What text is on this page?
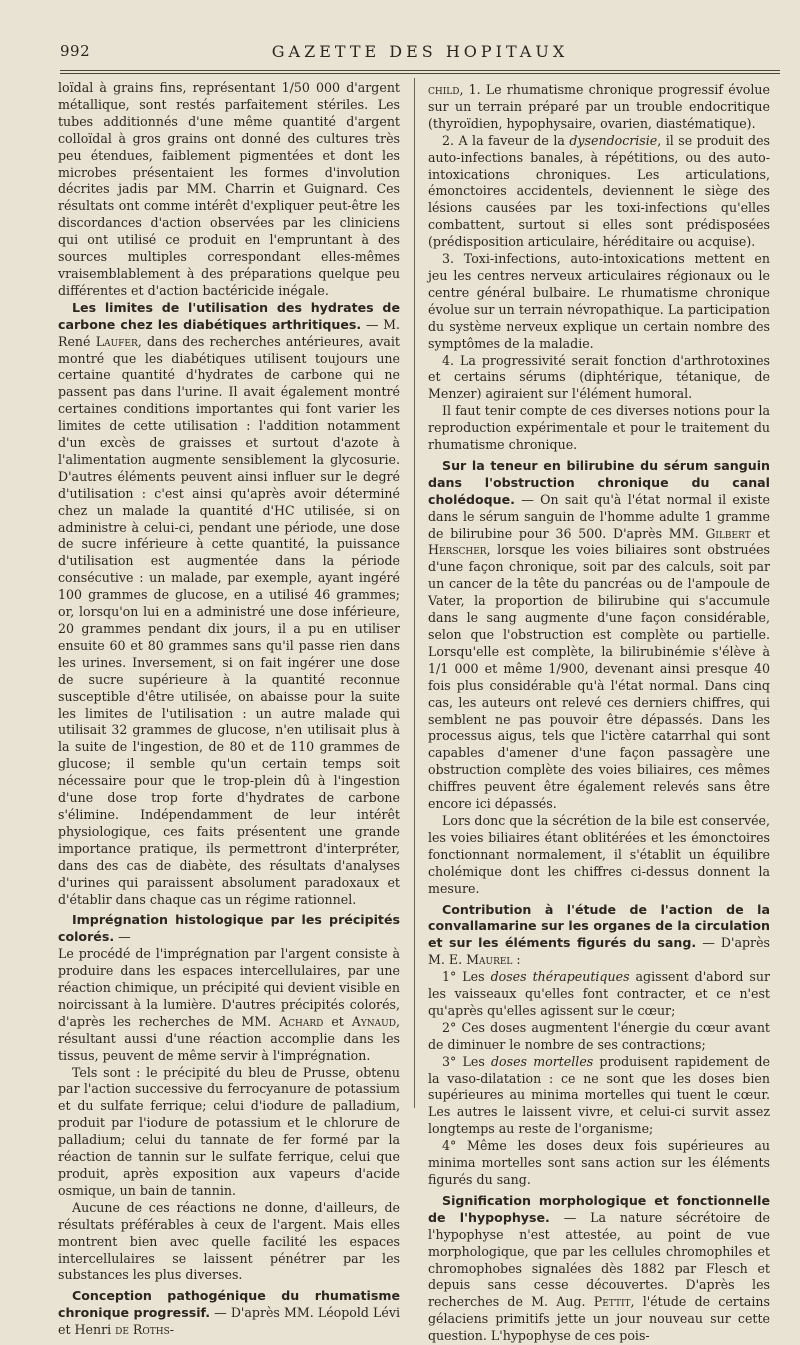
992	GAZETTE DES HOPITAUX

loïdal à grains fins, représentant 1/50 000 d'argent métallique, sont restés parfaitement stériles. Les tubes additionnés d'une même quantité d'argent colloïdal à gros grains ont donné des cultures très peu étendues, faiblement pigmentées et dont les microbes présentaient les formes d'involution décrites jadis par MM. Charrin et Guignard. Ces résultats ont comme intérêt d'expliquer peut-être les discordances d'action observées par les cliniciens qui ont utilisé ce produit en l'empruntant à des sources multiples correspondant elles-mêmes vraisemblablement à des préparations quelque peu différentes et d'action bactéricide inégale.

Les limites de l'utilisation des hydrates de carbone chez les diabétiques arthritiques. — M. René Laufer, dans des recherches antérieures, avait montré que les diabétiques utilisent toujours une certaine quantité d'hydrates de carbone qui ne passent pas dans l'urine. Il avait également montré certaines conditions importantes qui font varier les limites de cette utilisation : l'addition notamment d'un excès de graisses et surtout d'azote à l'alimentation augmente sensiblement la glycosurie. D'autres éléments peuvent ainsi influer sur le degré d'utilisation : c'est ainsi qu'après avoir déterminé chez un malade la quantité d'HC utilisée, si on administre à celui-ci, pendant une période, une dose de sucre inférieure à cette quantité, la puissance d'utilisation est augmentée dans la période consécutive : un malade, par exemple, ayant ingéré 100 grammes de glucose, en a utilisé 46 grammes; or, lorsqu'on lui en a administré une dose inférieure, 20 grammes pendant dix jours, il a pu en utiliser ensuite 60 et 80 grammes sans qu'il passe rien dans les urines. Inversement, si on fait ingérer une dose de sucre supérieure à la quantité reconnue susceptible d'être utilisée, on abaisse pour la suite les limites de l'utilisation : un autre malade qui utilisait 32 grammes de glucose, n'en utilisait plus à la suite de l'ingestion, de 80 et de 110 grammes de glucose; il semble qu'un certain temps soit nécessaire pour que le trop-plein dû à l'ingestion d'une dose trop forte d'hydrates de carbone s'élimine. Indépendamment de leur intérêt physiologique, ces faits présentent une grande importance pratique, ils permettront d'interpréter, dans des cas de diabète, des résultats d'analyses d'urines qui paraissent absolument paradoxaux et d'établir dans chaque cas un régime rationnel.

Imprégnation histologique par les précipités colorés. —

Le procédé de l'imprégnation par l'argent consiste à produire dans les espaces intercellulaires, par une réaction chimique, un précipité qui devient visible en noircissant à la lumière. D'autres précipités colorés, d'après les recherches de MM. Achard et Aynaud, résultant aussi d'une réaction accomplie dans les tissus, peuvent de même servir à l'imprégnation.

Tels sont : le précipité du bleu de Prusse, obtenu par l'action successive du ferrocyanure de potassium et du sulfate ferrique; celui d'iodure de palladium, produit par l'iodure de potassium et le chlorure de palladium; celui du tannate de fer formé par la réaction de tannin sur le sulfate ferrique, celui que produit, après exposition aux vapeurs d'acide osmique, un bain de tannin.

Aucune de ces réactions ne donne, d'ailleurs, de résultats préférables à ceux de l'argent. Mais elles montrent bien avec quelle facilité les espaces intercellulaires se laissent pénétrer par les substances les plus diverses.

Conception pathogénique du rhumatisme chronique progressif. — D'après MM. Léopold Lévi et Henri de Roths-

child, 1. Le rhumatisme chronique progressif évolue sur un terrain préparé par un trouble endocritique (thyroïdien, hypophysaire, ovarien, diastématique).

2. A la faveur de la dysendocrisie, il se produit des auto-infections banales, à répétitions, ou des auto-intoxications chroniques. Les articulations, émonctoires accidentels, deviennent le siège des lésions causées par les toxi-infections qu'elles combattent, surtout si elles sont prédisposées (prédisposition articulaire, héréditaire ou acquise).

3. Toxi-infections, auto-intoxications mettent en jeu les centres nerveux articulaires régionaux ou le centre général bulbaire. Le rhumatisme chronique évolue sur un terrain névropathique. La participation du système nerveux explique un certain nombre des symptômes de la maladie.

4. La progressivité serait fonction d'arthrotoxines et certains sérums (diphtérique, tétanique, de Menzer) agiraient sur l'élément humoral.

Il faut tenir compte de ces diverses notions pour la reproduction expérimentale et pour le traitement du rhumatisme chronique.

Sur la teneur en bilirubine du sérum sanguin dans l'obstruction chronique du canal cholédoque. — On sait qu'à l'état normal il existe dans le sérum sanguin de l'homme adulte 1 gramme de bilirubine pour 36 500. D'après MM. Gilbert et Herscher, lorsque les voies biliaires sont obstruées d'une façon chronique, soit par des calculs, soit par un cancer de la tête du pancréas ou de l'ampoule de Vater, la proportion de bilirubine qui s'accumule dans le sang augmente d'une façon considérable, selon que l'obstruction est complète ou partielle. Lorsqu'elle est complète, la bilirubinémie s'élève à 1/1 000 et même 1/900, devenant ainsi presque 40 fois plus considérable qu'à l'état normal. Dans cinq cas, les auteurs ont relevé ces derniers chiffres, qui semblent ne pas pouvoir être dépassés. Dans les processus aigus, tels que l'ictère catarrhal qui sont capables d'amener d'une façon passagère une obstruction complète des voies biliaires, ces mêmes chiffres peuvent être également relevés sans être encore ici dépassés.

Lors donc que la sécrétion de la bile est conservée, les voies biliaires étant oblitérées et les émonctoires fonctionnant normalement, il s'établit un équilibre cholémique dont les chiffres ci-dessus donnent la mesure.

Contribution à l'étude de l'action de la convallamarine sur les organes de la circulation et sur les éléments figurés du sang. — D'après M. E. Maurel :

1° Les doses thérapeutiques agissent d'abord sur les vaisseaux qu'elles font contracter, et ce n'est qu'après qu'elles agissent sur le cœur;

2° Ces doses augmentent l'énergie du cœur avant de diminuer le nombre de ses contractions;

3° Les doses mortelles produisent rapidement de la vaso-dilatation : ce ne sont que les doses bien supérieures au minima mortelles qui tuent le cœur. Les autres le laissent vivre, et celui-ci survit assez longtemps au reste de l'organisme;

4° Même les doses deux fois supérieures au minima mortelles sont sans action sur les éléments figurés du sang.

Signification morphologique et fonctionnelle de l'hypophyse. — La nature sécrétoire de l'hypophyse n'est attestée, au point de vue morphologique, que par les cellules chromophiles et chromophobes signalées dès 1882 par Flesch et depuis sans cesse découvertes. D'après les recherches de M. Aug. Pettit, l'étude de certains gélaciens primitifs jette un jour nouveau sur cette question. L'hypophyse de ces pois-
